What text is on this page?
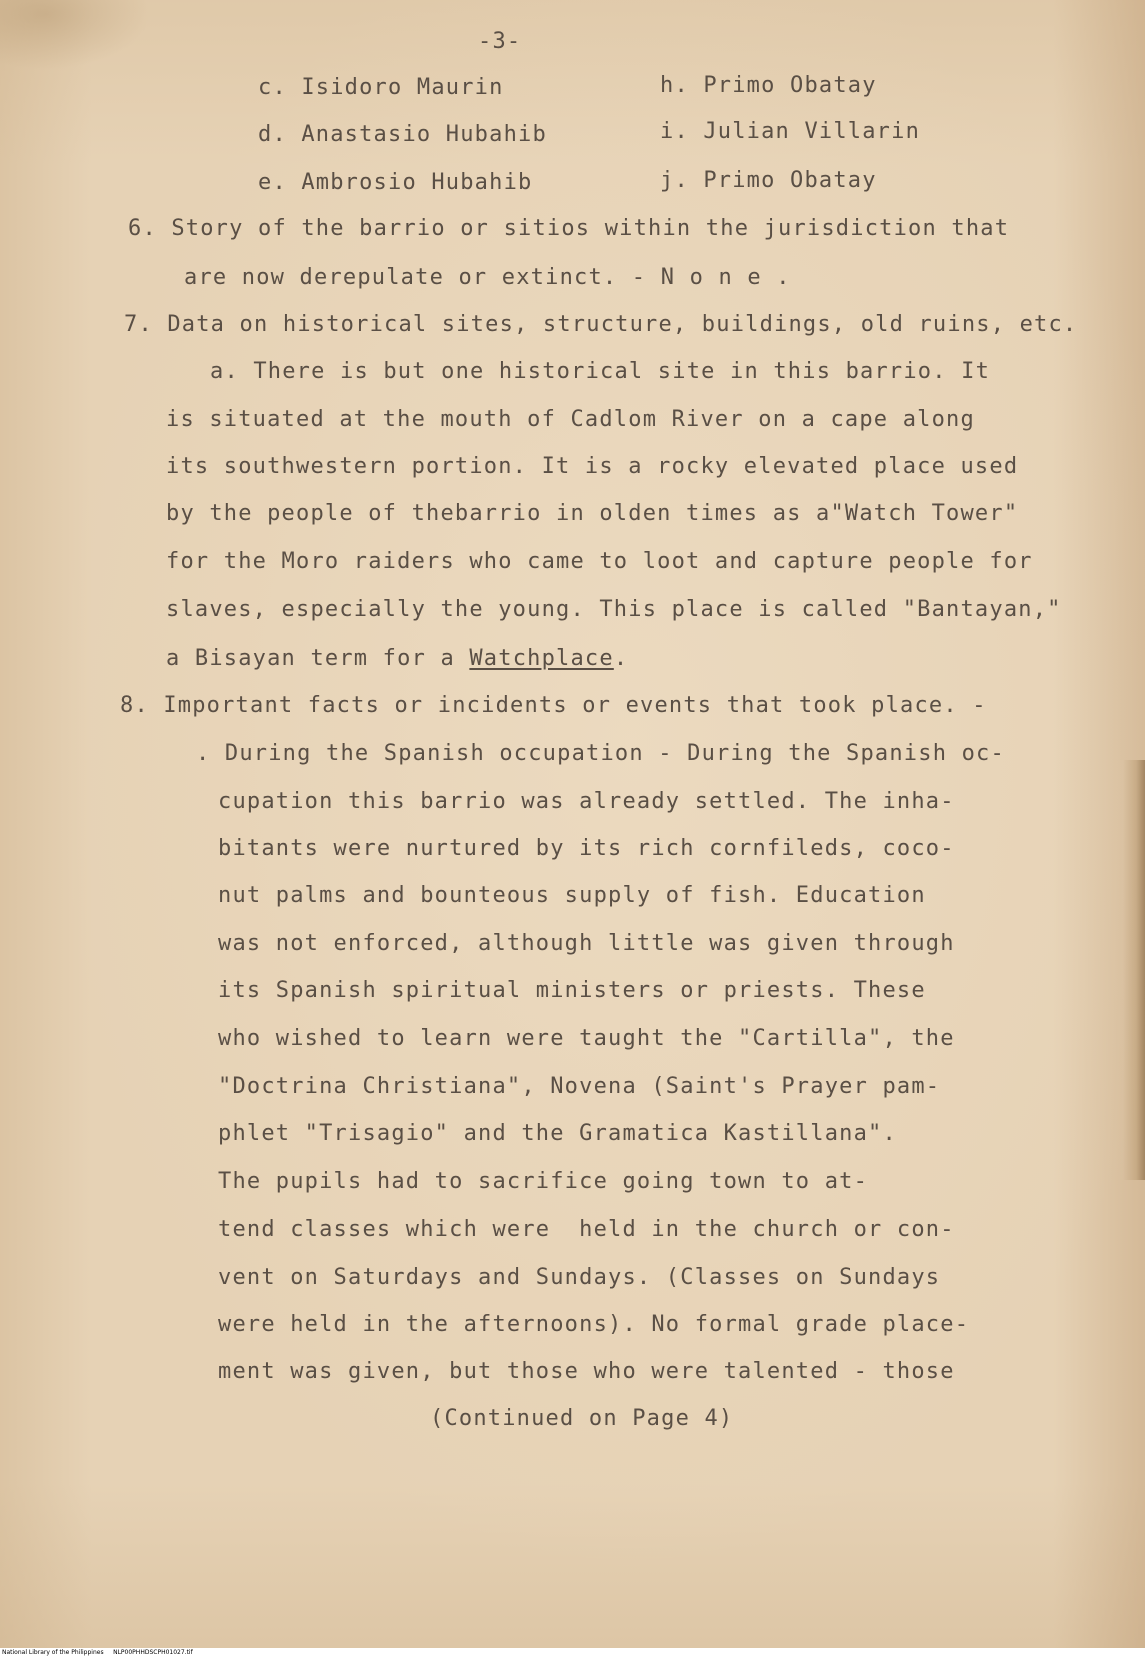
-3-

c. Isidoro Maurin	h. Primo Obatay

d. Anastasio Hubahib	i. Julian Villarin

e. Ambrosio Hubahib	j. Primo Obatay

6. Story of the barrio or sitios within the jurisdiction that

are now derepulate or extinct. - N o n e .

7. Data on historical sites, structure, buildings, old ruins, etc.

a. There is but one historical site in this barrio. It

is situated at the mouth of Cadlom River on a cape along

its southwestern portion. It is a rocky elevated place used

by the people of thebarrio in olden times as a"Watch Tower"

for the Moro raiders who came to loot and capture people for

slaves, especially the young. This place is called "Bantayan,"

a Bisayan term for a Watchplace.

8. Important facts or incidents or events that took place. -

. During the Spanish occupation - During the Spanish oc-

cupation this barrio was already settled. The inha-

bitants were nurtured by its rich cornfileds, coco-

nut palms and bounteous supply of fish. Education

was not enforced, although little was given through

its Spanish spiritual ministers or priests. These

who wished to learn were taught the "Cartilla", the

"Doctrina Christiana", Novena (Saint's Prayer pam-

phlet "Trisagio" and the Gramatica Kastillana".

The pupils had to sacrifice going town to at-

tend classes which were  held in the church or con-

vent on Saturdays and Sundays. (Classes on Sundays

were held in the afternoons). No formal grade place-

ment was given, but those who were talented - those

(Continued on Page 4)

National Library of the Philippines     NLP00PHHDSCPH01027.tif
